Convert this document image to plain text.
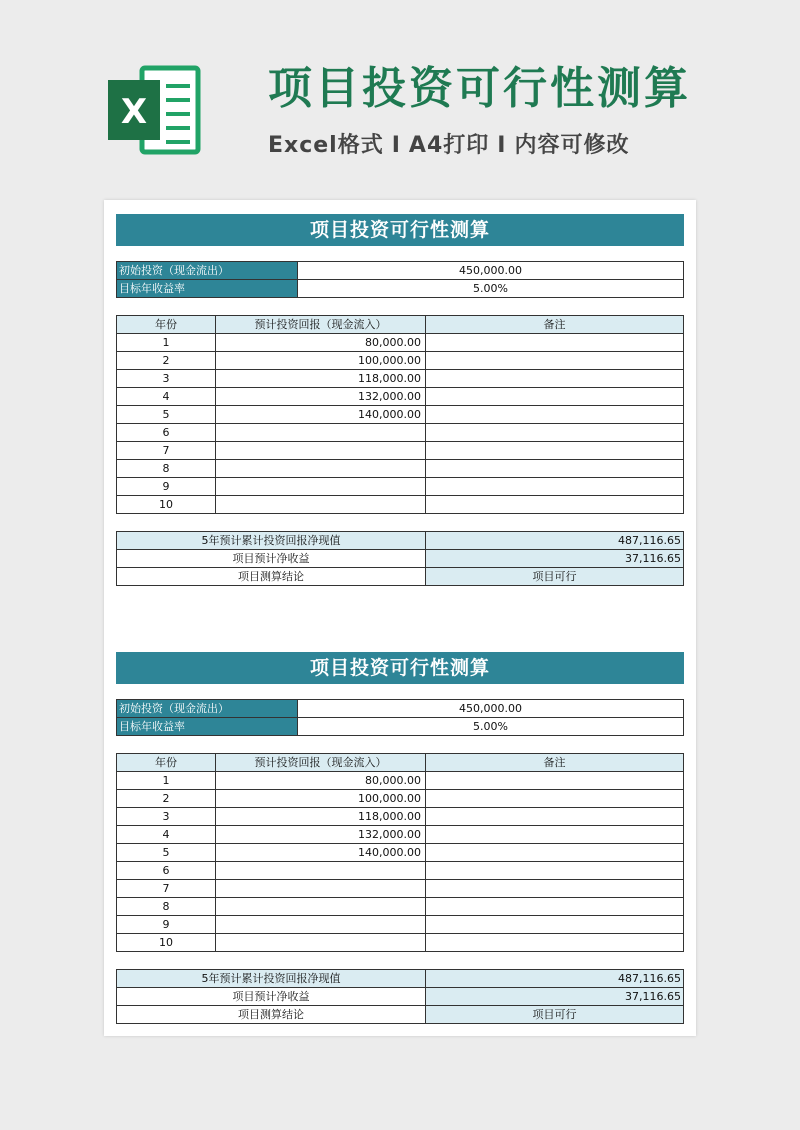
X	项目投资可行性测算
Excel格式 I A4打印 I 内容可修改
项目投资可行性测算
初始投资（现金流出）	450,000.00
目标年收益率	5.00%
年份	预计投资回报（现金流入）	备注
1	80,000.00	
2	100,000.00	
3	118,000.00	
4	132,000.00	
5	140,000.00	
6		
7		
8		
9		
10		
5年预计累计投资回报净现值	487,116.65
项目预计净收益	37,116.65
项目测算结论	项目可行
项目投资可行性测算
初始投资（现金流出）	450,000.00
目标年收益率	5.00%
年份	预计投资回报（现金流入）	备注
1	80,000.00	
2	100,000.00	
3	118,000.00	
4	132,000.00	
5	140,000.00	
6		
7		
8		
9		
10		
5年预计累计投资回报净现值	487,116.65
项目预计净收益	37,116.65
项目测算结论	项目可行
